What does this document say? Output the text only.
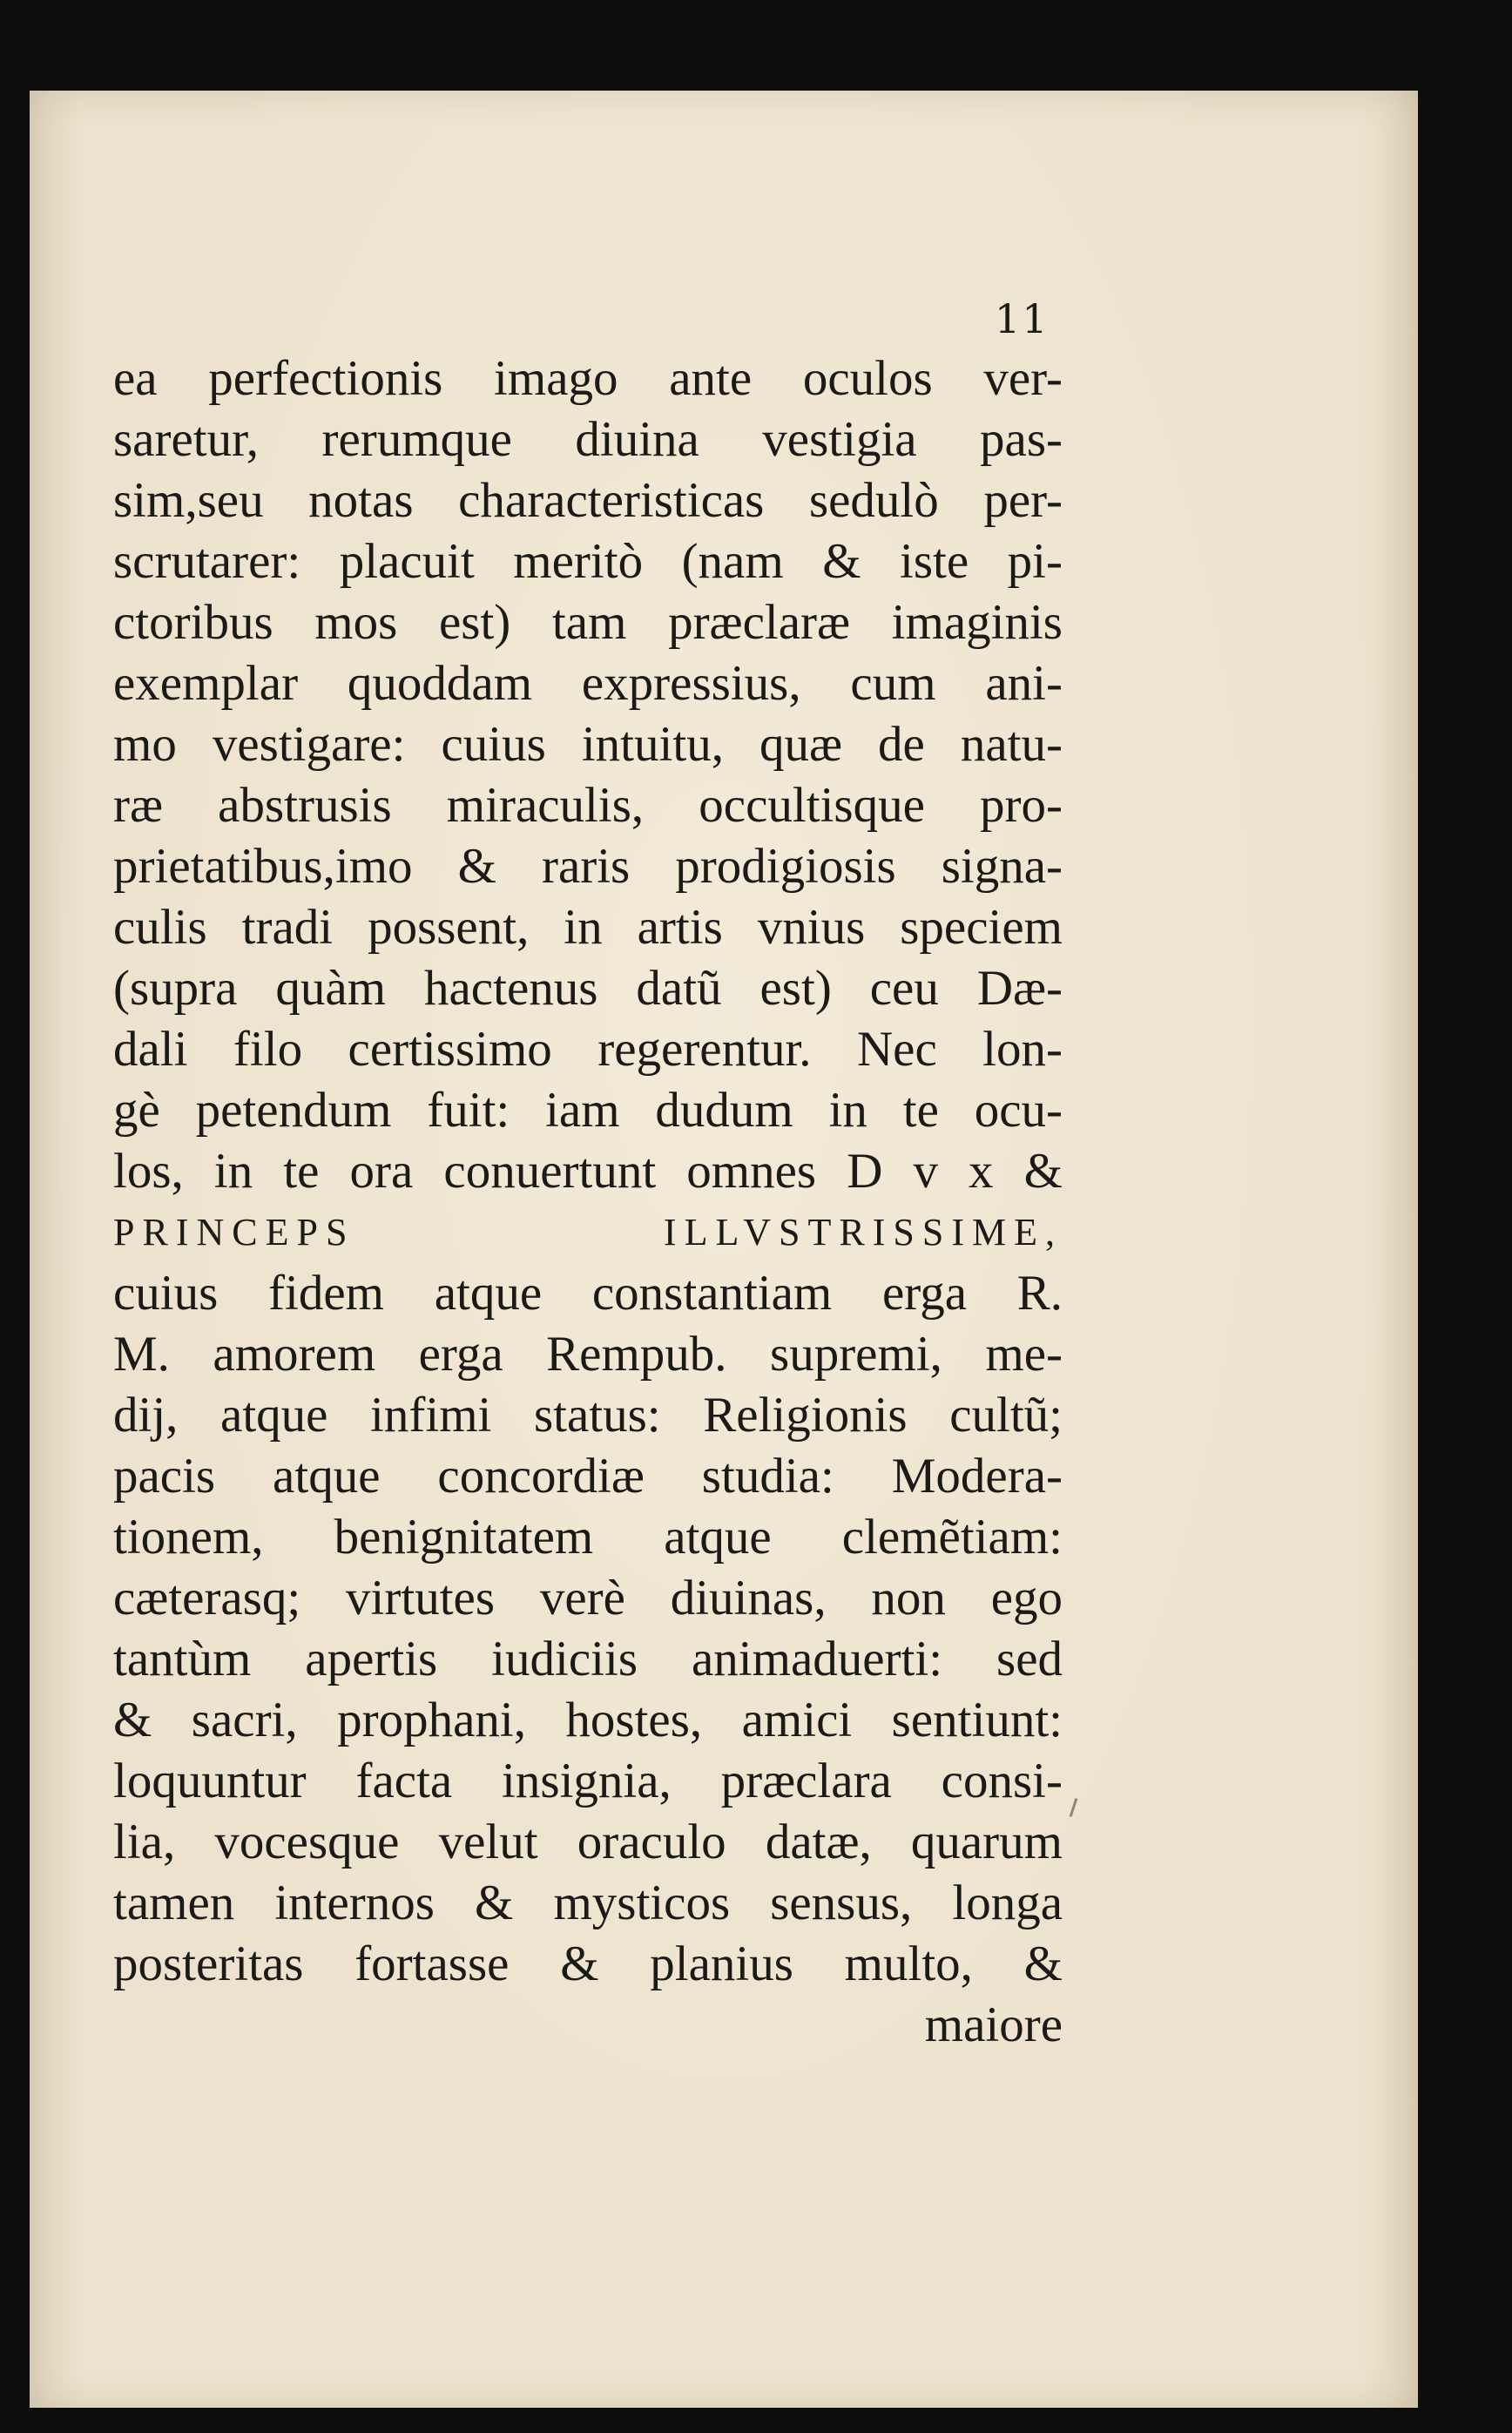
11
ea perfectionis imago ante oculos ver-
saretur, rerumque diuina vestigia pas-
sim,seu notas characteristicas sedulò per-
scrutarer: placuit meritò (nam & iste pi-
ctoribus mos est) tam præclaræ imaginis
exemplar quoddam expressius, cum ani-
mo vestigare: cuius intuitu, quæ de natu-
ræ abstrusis miraculis, occultisque pro-
prietatibus,imo & raris prodigiosis signa-
culis tradi possent, in artis vnius speciem
(supra quàm hactenus datũ est) ceu Dæ-
dali filo certissimo regerentur. Nec lon-
gè petendum fuit: iam dudum in te ocu-
los, in te ora conuertunt omnes D v x &
PRINCEPS ILLVSTRISSIME,
cuius fidem atque constantiam erga R.
M. amorem erga Rempub. supremi, me-
dij, atque infimi status: Religionis cultũ;
pacis atque concordiæ studia: Modera-
tionem, benignitatem atque clemẽtiam:
cæterasq; virtutes verè diuinas, non ego
tantùm apertis iudiciis animaduerti: sed
& sacri, prophani, hostes, amici sentiunt:
loquuntur facta insignia, præclara consi-
lia, vocesque velut oraculo datæ, quarum
tamen internos & mysticos sensus, longa
posteritas fortasse & planius multo, &
maiore
